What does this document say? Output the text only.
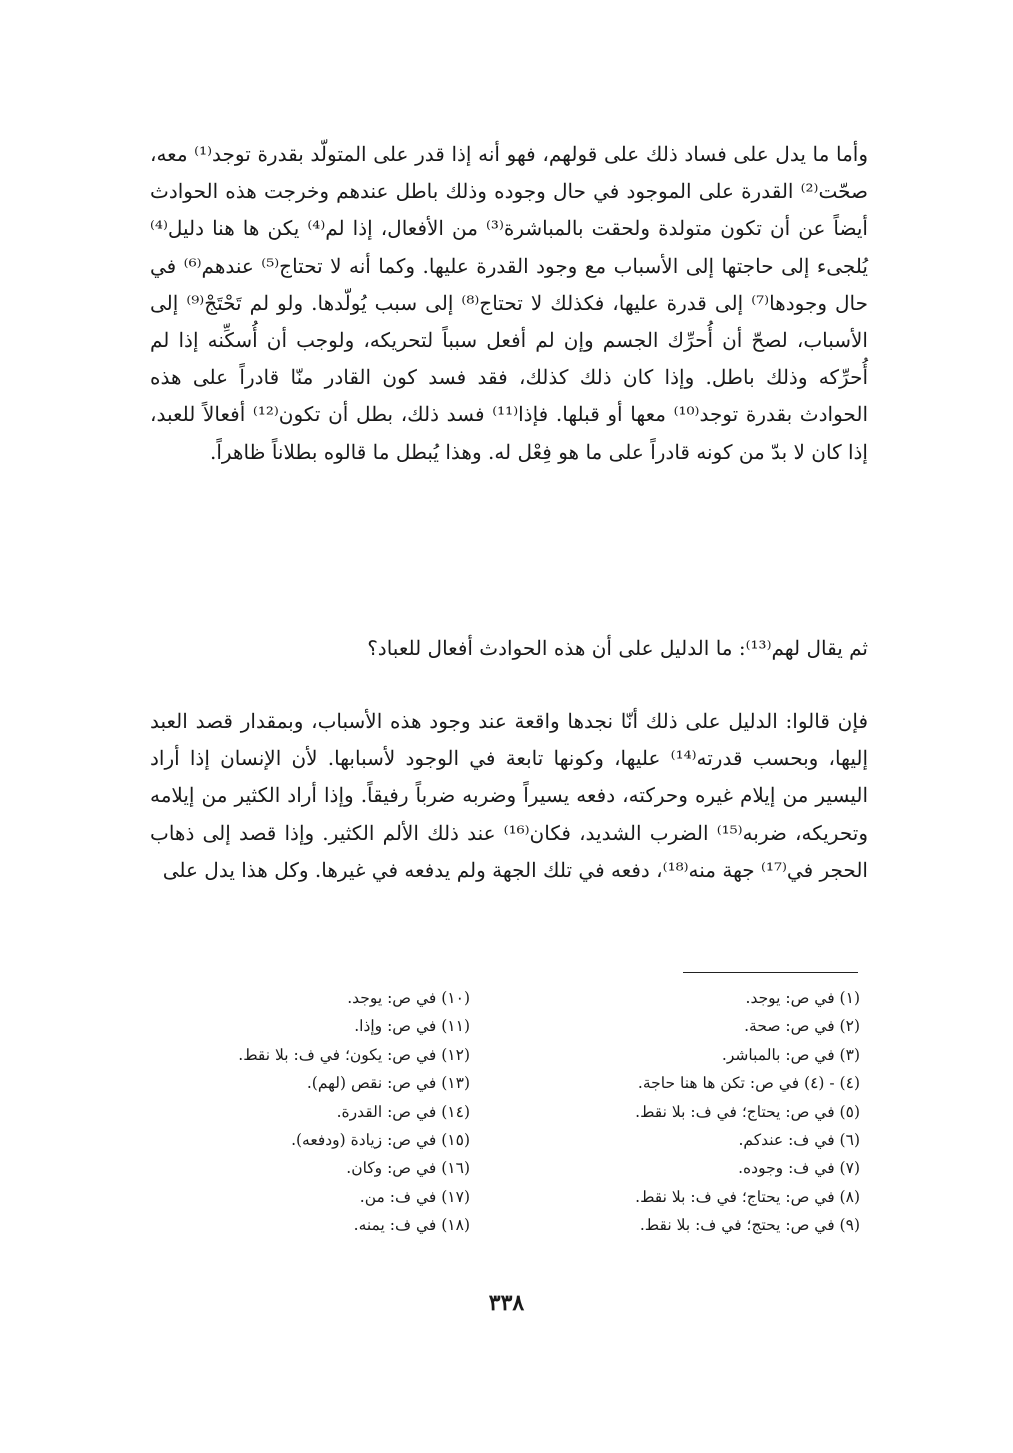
وأما ما يدل على فساد ذلك على قولهم، فهو أنه إذا قدر على المتولّد بقدرة توجد⁽¹⁾ معه، صحّت⁽²⁾ القدرة على الموجود في حال وجوده وذلك باطل عندهم وخرجت هذه الحوادث أيضاً عن أن تكون متولدة ولحقت بالمباشرة⁽³⁾ من الأفعال، إذا لم⁽⁴⁾ يكن ها هنا دليل⁽⁴⁾ يُلجىء إلى حاجتها إلى الأسباب مع وجود القدرة عليها. وكما أنه لا تحتاج⁽⁵⁾ عندهم⁽⁶⁾ في حال وجودها⁽⁷⁾ إلى قدرة عليها، فكذلك لا تحتاج⁽⁸⁾ إلى سبب يُولّدها. ولو لم تَحْتَجْ⁽⁹⁾ إلى الأسباب، لصحّ أن أُحرِّك الجسم وإن لم أفعل سبباً لتحريكه، ولوجب أن أُسكِّنه إذا لم أُحرِّكه وذلك باطل. وإذا كان ذلك كذلك، فقد فسد كون القادر منّا قادراً على هذه الحوادث بقدرة توجد⁽¹⁰⁾ معها أو قبلها. فإذا⁽¹¹⁾ فسد ذلك، بطل أن تكون⁽¹²⁾ أفعالاً للعبد، إذا كان لا بدّ من كونه قادراً على ما هو فِعْل له. وهذا يُبطل ما قالوه بطلاناً ظاهراً.

ثم يقال لهم⁽¹³⁾: ما الدليل على أن هذه الحوادث أفعال للعباد؟

فإن قالوا: الدليل على ذلك أنّا نجدها واقعة عند وجود هذه الأسباب، وبمقدار قصد العبد إليها، وبحسب قدرته⁽¹⁴⁾ عليها، وكونها تابعة في الوجود لأسبابها. لأن الإنسان إذا أراد اليسير من إيلام غيره وحركته، دفعه يسيراً وضربه ضرباً رفيقاً. وإذا أراد الكثير من إيلامه وتحريكه، ضربه⁽¹⁵⁾ الضرب الشديد، فكان⁽¹⁶⁾ عند ذلك الألم الكثير. وإذا قصد إلى ذهاب الحجر في⁽¹⁷⁾ جهة منه⁽¹⁸⁾، دفعه في تلك الجهة ولم يدفعه في غيرها. وكل هذا يدل على

(١) في ص: يوجد.
(٢) في ص: صحة.
(٣) في ص: بالمباشر.
(٤) - (٤) في ص: تكن ها هنا حاجة.
(٥) في ص: يحتاج؛ في ف: بلا نقط.
(٦) في ف: عندكم.
(٧) في ف: وجوده.
(٨) في ص: يحتاج؛ في ف: بلا نقط.
(٩) في ص: يحتج؛ في ف: بلا نقط.
(١٠) في ص: يوجد.
(١١) في ص: وإذا.
(١٢) في ص: يكون؛ في ف: بلا نقط.
(١٣) في ص: نقص (لهم).
(١٤) في ص: القدرة.
(١٥) في ص: زيادة (ودفعه).
(١٦) في ص: وكان.
(١٧) في ف: من.
(١٨) في ف: يمنه.
٣٣٨
